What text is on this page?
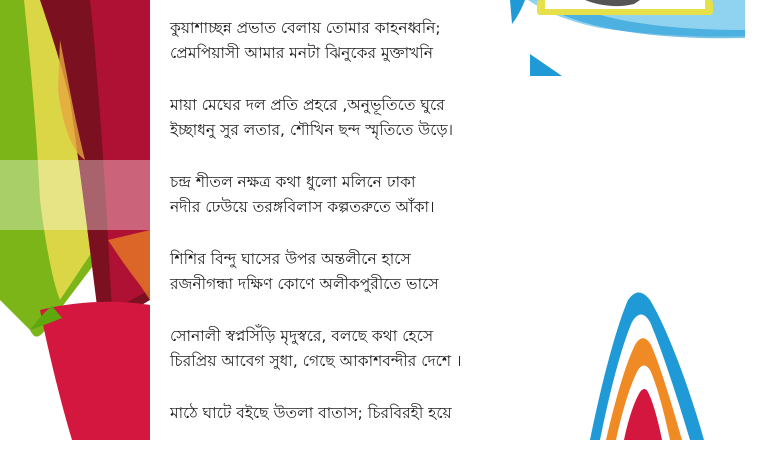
কুয়াশাচ্ছন্ন প্রভাত বেলায় তোমার কাহনধ্বনি;
প্রেমপিয়াসী আমার মনটা ঝিনুকের মুক্তাখনি
মায়া মেঘের দল প্রতি প্রহরে ,অনুভূতিতে ঘুরে
ইচ্ছাধনু সুর লতার, শৌখিন ছন্দ স্মৃতিতে উড়ে।
চন্দ্র শীতল নক্ষত্র কথা ধুলো মলিনে ঢাকা
নদীর ঢেউয়ে তরঙ্গবিলাস কল্পতরুতে আঁকা।
শিশির বিন্দু ঘাসের উপর অন্তলীনে হাসে
রজনীগন্ধা দক্ষিণ কোণে অলীকপুরীতে ভাসে
সোনালী স্বপ্নসিঁড়ি মৃদুস্বরে, বলছে কথা হেসে
চিরপ্রিয় আবেগ সুধা, গেছে আকাশবন্দীর দেশে ।
মাঠে ঘাটে বইছে উতলা বাতাস; চিরবিরহী হয়ে
